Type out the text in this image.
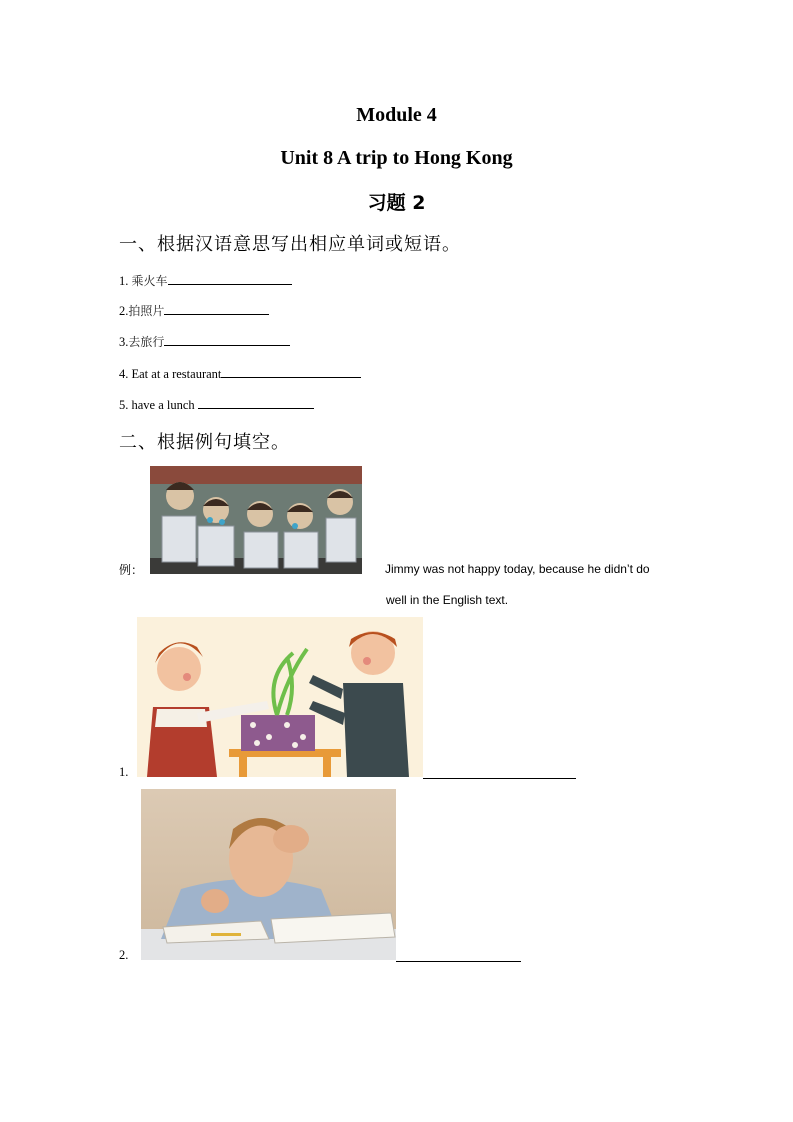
Module 4
Unit 8 A trip to Hong Kong
习题 2
一、根据汉语意思写出相应单词或短语。
1. 乘火车
2.拍照片
3.去旅行
4. Eat at a restaurant
5. have a lunch
二、根据例句填空。
例：	Jimmy was not happy today, because he didn’t do
well in the English text.
1.
2.
